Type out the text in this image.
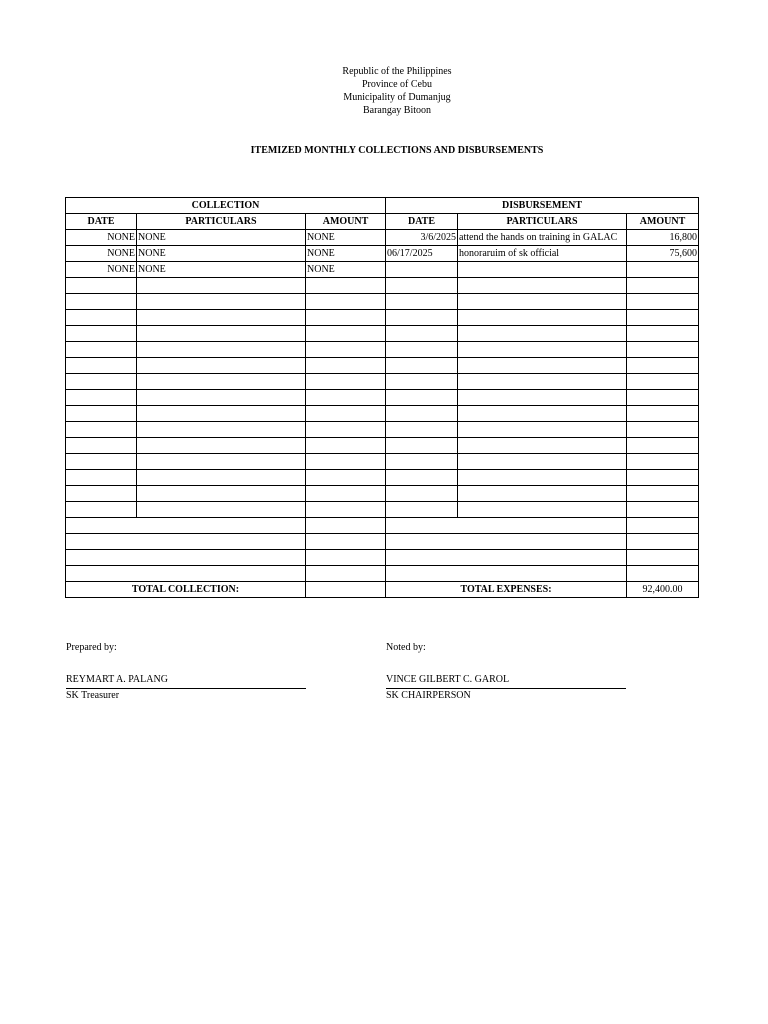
Republic of the Philippines
Province of Cebu
Municipality of Dumanjug
Barangay Bitoon
ITEMIZED MONTHLY COLLECTIONS AND DISBURSEMENTS
COLLECTION			DISBURSEMENT		
DATE	PARTICULARS	AMOUNT	DATE	PARTICULARS	AMOUNT
NONE	NONE	NONE	3/6/2025	attend the hands on training in GALAC	16,800
NONE	NONE	NONE	06/17/2025	honoraruim of sk official	75,600
NONE	NONE	NONE			

TOTAL COLLECTION:			TOTAL EXPENSES:		92,400.00
Prepared by:
REYMART A. PALANG
SK Treasurer
Noted by:
VINCE GILBERT C. GAROL
SK CHAIRPERSON
